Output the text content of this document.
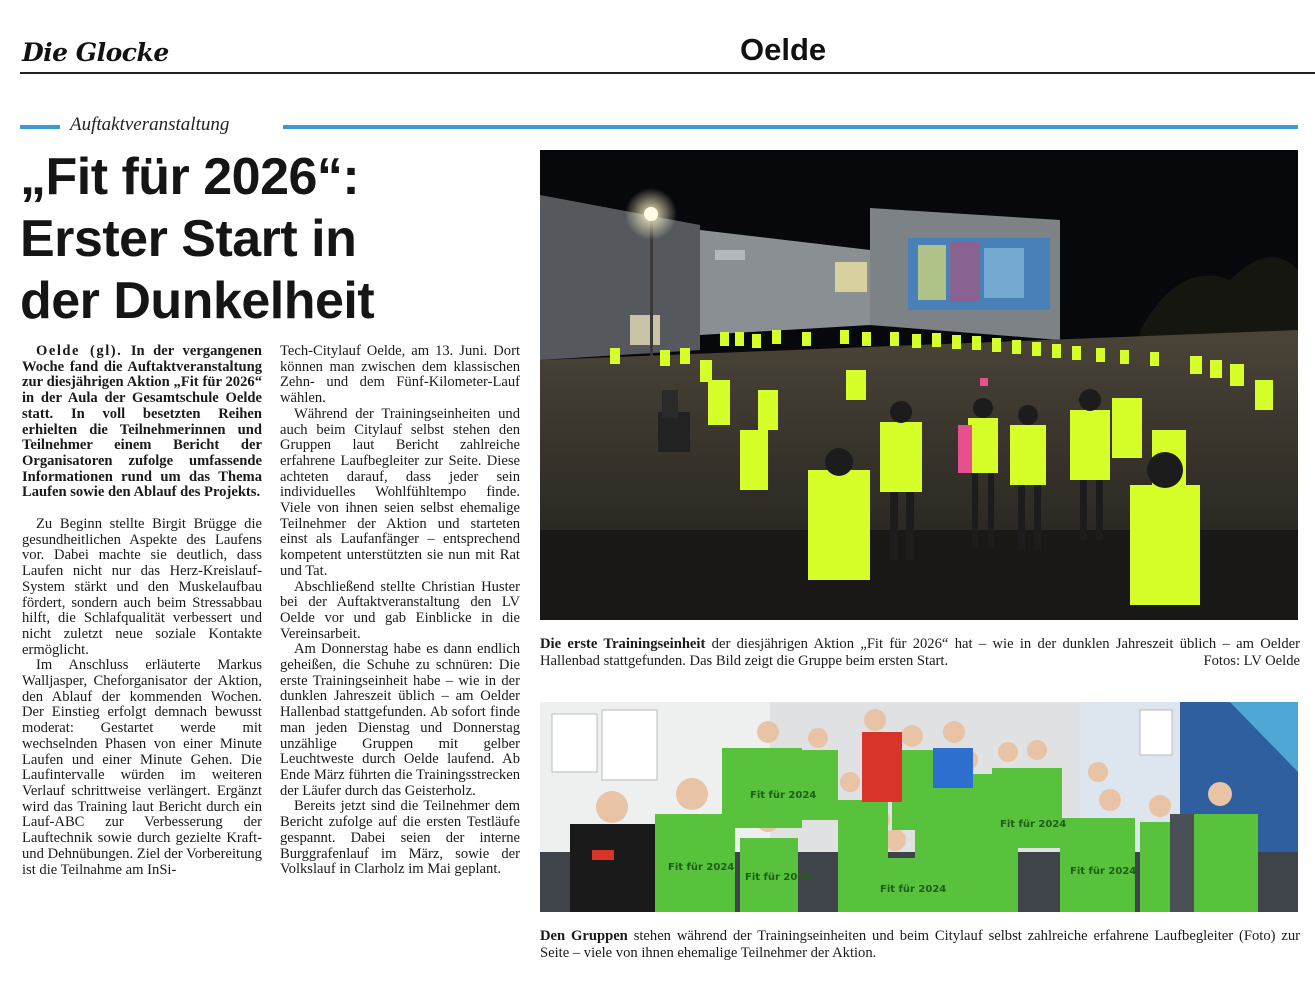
Die Glocke	Oelde
Auftaktveranstaltung
„Fit für 2026“:
Erster Start in
der Dunkelheit

Oelde (gl). In der vergangenen Woche fand die Auftaktveranstaltung zur diesjährigen Aktion „Fit für 2026“ in der Aula der Gesamtschule Oelde statt. In voll besetzten Reihen erhielten die Teilnehmerinnen und Teilnehmer einem Bericht der Organisatoren zufolge umfassende Informationen rund um das Thema Laufen sowie den Ablauf des Projekts.

Zu Beginn stellte Birgit Brügge die gesundheitlichen Aspekte des Laufens vor. Dabei machte sie deutlich, dass Laufen nicht nur das Herz-Kreislauf-System stärkt und den Muskelaufbau fördert, sondern auch beim Stressabbau hilft, die Schlafqualität verbessert und nicht zuletzt neue soziale Kontakte ermöglicht.

Im Anschluss erläuterte Markus Walljasper, Cheforganisator der Aktion, den Ablauf der kommenden Wochen. Der Einstieg erfolgt demnach bewusst moderat: Gestartet werde mit wechselnden Phasen von einer Minute Laufen und einer Minute Gehen. Die Laufintervalle würden im weiteren Verlauf schrittweise verlängert. Ergänzt wird das Training laut Bericht durch ein Lauf-ABC zur Verbesserung der Lauftechnik sowie durch gezielte Kraft- und Dehnübungen. Ziel der Vorbereitung ist die Teilnahme am InSi-

Tech-Citylauf Oelde, am 13. Juni. Dort können man zwischen dem klassischen Zehn- und dem Fünf-Kilometer-Lauf wählen.

Während der Trainingseinheiten und auch beim Citylauf selbst stehen den Gruppen laut Bericht zahlreiche erfahrene Laufbegleiter zur Seite. Diese achteten darauf, dass jeder sein individuelles Wohlfühltempo finde. Viele von ihnen seien selbst ehemalige Teilnehmer der Aktion und starteten einst als Laufanfänger – entsprechend kompetent unterstützten sie nun mit Rat und Tat.

Abschließend stellte Christian Huster bei der Auftaktveranstaltung den LV Oelde vor und gab Einblicke in die Vereinsarbeit.

Am Donnerstag habe es dann endlich geheißen, die Schuhe zu schnüren: Die erste Trainingseinheit habe – wie in der dunklen Jahreszeit üblich – am Oelder Hallenbad stattgefunden. Ab sofort finde man jeden Dienstag und Donnerstag unzählige Gruppen mit gelber Leuchtweste durch Oelde laufend. Ab Ende März führten die Trainingsstrecken der Läufer durch das Geisterholz.

Bereits jetzt sind die Teilnehmer dem Bericht zufolge auf die ersten Testläufe gespannt. Dabei seien der interne Burggrafenlauf im März, sowie der Volkslauf in Clarholz im Mai geplant.

Die erste Trainingseinheit der diesjährigen Aktion „Fit für 2026“ hat – wie in der dunklen Jahreszeit üblich – am Oelder Hallenbad stattgefunden. Das Bild zeigt die Gruppe beim ersten Start.	Fotos: LV Oelde
Fit für 2024
Fit für 2024
Fit für 2024
Fit für 2024
Fit für 2024
Fit für 2024
Den Gruppen stehen während der Trainingseinheiten und beim Citylauf selbst zahlreiche erfahrene Laufbegleiter (Foto) zur Seite – viele von ihnen ehemalige Teilnehmer der Aktion.
